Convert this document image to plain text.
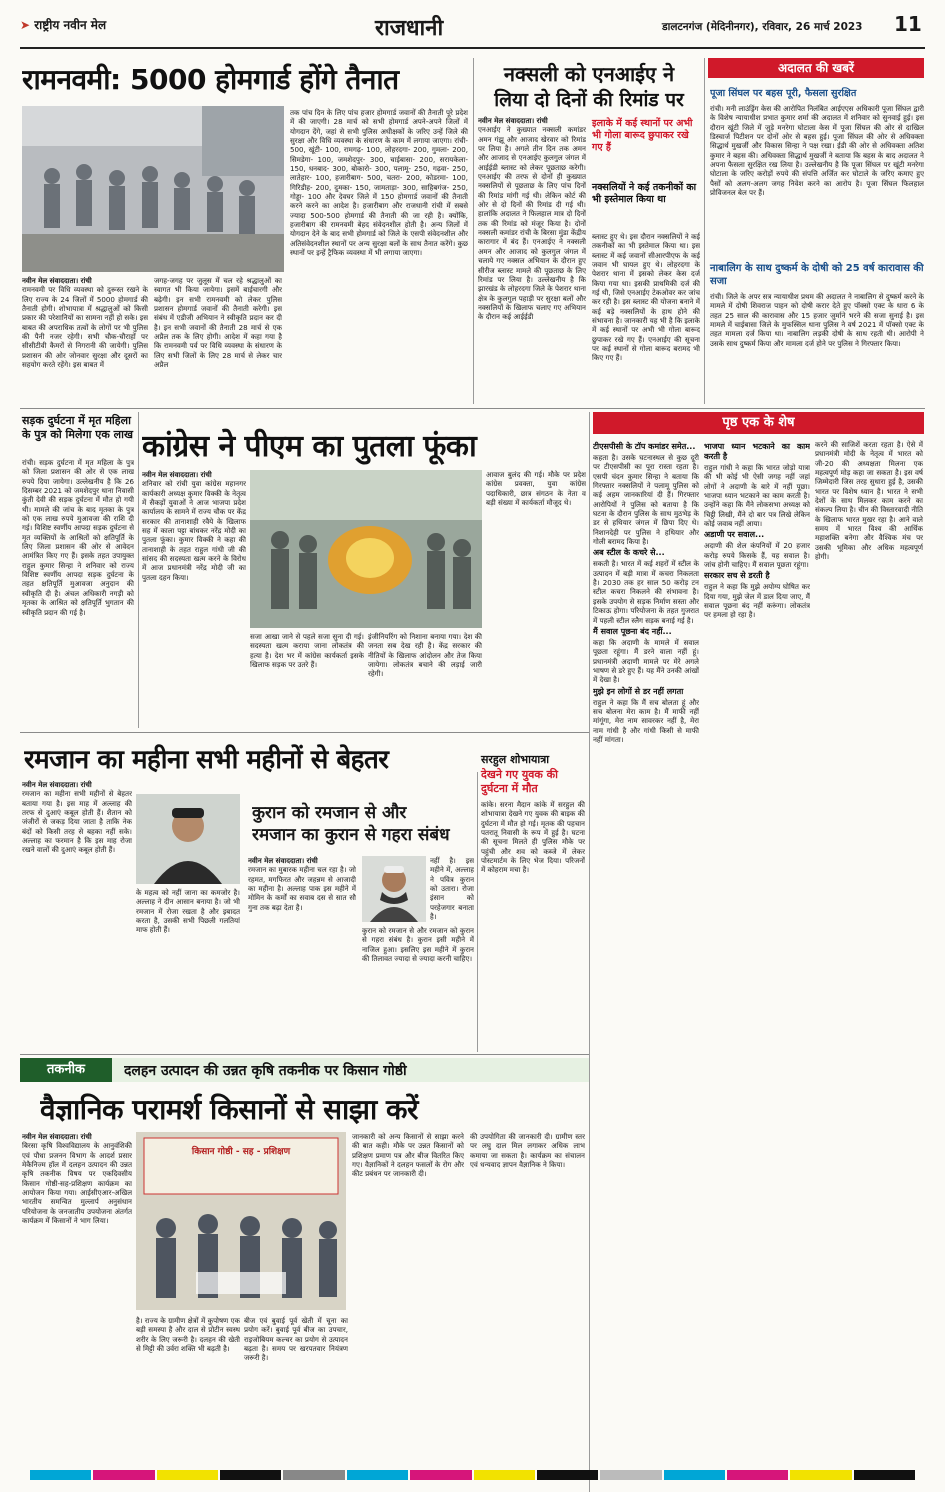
➤ राष्ट्रीय नवीन मेल	राजधानी	डालटनगंज (मेदिनीनगर), रविवार, 26 मार्च 2023 11
रामनवमी: 5000 होमगार्ड होंगे तैनात
नवीन मेल संवाददाता। रांची
रामनवमी पर विधि व्यवस्था को दुरूस्त रखने के लिए राज्य के 24 जिलों में 5000 होमगार्ड की तैनाती होगी। शोभायात्रा में श्रद्धालुओं को किसी प्रकार की परेशानियों का सामना नहीं हो सके। इस बाबत की अपराधिक तत्वों के लोगों पर भी पुलिस की पैनी नजर रहेगी। सभी चौक-चौराहों पर सीसीटीवी कैमरों से निगरानी की जायेगी। पुलिस प्रशासन की ओर जोनवार सुरक्षा और दूसरों का सहयोग करते रहेंगे। इस बाबत में
जगह-जगह पर जुलूस में चल रहे श्रद्धालुओं का स्वागत भी किया जायेगा। इसमें बाईचारगी और बढ़ेगी। इन सभी रामनवमी को लेकर पुलिस प्रशासन होमगार्ड जवानों की तैनाती करेगी। इस संबंध में एडीजी अभियान ने स्वीकृति प्रदान कर दी है। इन सभी जवानों की तैनाती 28 मार्च से एक अप्रैल तक के लिए होगी। आदेश में कहा गया है कि रामनवमी पर्व पर विधि व्यवस्था के संधारण के लिए सभी जिलों के लिए 28 मार्च से लेकर चार अप्रैल
तक पांच दिन के लिए पांच हजार होमगार्ड जवानों की तैनाती पूरे प्रदेश में की जाएगी। 28 मार्च को सभी होमगार्ड अपने-अपने जिलों में योगदान देंगे, जहां से सभी पुलिस अधीक्षकों के जरिए उन्हें जिले की सुरक्षा और विधि व्यवस्था के संधारण के काम में लगाया जाएगा। रांची- 500, खूंटी- 100, रामगढ़- 100, लोहरदगा- 200, गुमला- 200, सिमडेगा- 100, जमशेदपुर- 300, चाईबासा- 200, सरायकेला- 150, धनबाद- 300, बोकारो- 300, पलामू- 250, गढ़वा- 250, लातेहार- 100, हजारीबाग- 500, चतरा- 200, कोडरमा- 100, गिरिडीह- 200, दुमका- 150, जामताड़ा- 300, साहिबगंज- 250, गोड्डा- 100 और देवघर जिले में 150 होमगार्ड जवानों की तैनाती करने करने का आदेश है। हजारीबाग और राजधानी रांची में सबसे ज्यादा 500-500 होमगार्ड की तैनाती की जा रही है। क्योंकि, हजारीबाग की रामनवमी बेहद संवेदनशील होती है। अन्य जिलों में योगदान देने के बाद सभी होमगार्ड को जिले के एसपी संवेदनशील और अतिसंवेदनशील स्थानों पर अन्य सुरक्षा बलों के साथ तैनात करेंगे। कुछ स्थानों पर इन्हें ट्रैफिक व्यवस्था में भी लगाया जाएगा।
नक्सली को एनआईए ने
लिया दो दिनों की रिमांड पर
नवीन मेल संवाददाता। रांची
एनआईए ने कुख्यात नक्सली कमांडर अमन गंझू और आजाद खेरवार को रिमांड पर लिया है। अगले तीन दिन तक अमन और आजाद से एनआईए कुलगुल जंगल में आईईडी ब्लास्ट को लेकर पूछताछ करेगी। एनआईए की तरफ से दोनों ही कुख्यात नक्सलियों से पूछताछ के लिए पांच दिनों की रिमांड मांगी गई थी। लेकिन कोर्ट की ओर से दो दिनों की रिमांड दी गई थी। हालांकि अदालत ने फिलहाल मात्र दो दिनों तक की रिमांड को मंजूर किया है। दोनों नक्सली कमांडर रांची के बिरसा मुंडा केंद्रीय कारागार में बंद हैं। एनआईए ने नक्सली अमन और आजाद को कुलगुल जंगल में चलाये गए नक्सल अभियान के दौरान हुए सीरीज ब्लास्ट मामले की पूछताछ के लिए रिमांड पर लिया है। उल्लेखनीय है कि झारखंड के लोहरदगा जिले के पेशरार थाना क्षेत्र के कुलगुल पहाड़ी पर सुरक्षा बलों और नक्सलियों के खिलाफ चलाए गए अभियान के दौरान कई आईईडी
इलाके में कई स्थानों पर अभी भी गोला बारूद छुपाकर रखे गए हैं
नक्सलियों ने कई तकनीकों का भी इस्तेमाल किया था
ब्लास्ट हुए थे। इस दौरान नक्सलियों ने कई तकनीकों का भी इस्तेमाल किया था। इस ब्लास्ट में कई जवानों सीआरपीएफ के कई जवान भी घायल हुए थे। लोहरदगा के पेशरार थाना में इसको लेकर केस दर्ज किया गया था। इसकी प्राथमिकी दर्ज की गई थी, जिसे एनआईए टेकओवर कर जांच कर रही है। इस ब्लास्ट की योजना बनाने में कई बड़े नक्सलियों के हाथ होने की संभावना है। जानकारी यह भी है कि इलाके में कई स्थानों पर अभी भी गोला बारूद छुपाकर रखे गए हैं। एनआईए की सूचना पर कई स्थानों से गोला बारूद बरामद भी किए गए हैं।
अदालत की खबरें
पूजा सिंघल पर बहस पूरी, फैसला सुरक्षित
रांची। मनी लाउंड्रिंग केस की आरोपित निलंबित आईएएस अधिकारी पूजा सिंघल द्वारी के विशेष न्यायाधीश प्रभात कुमार शर्मा की अदालत में शनिवार को सुनवाई हुई। इस दौरान खूंटी जिले में जुड़े मनरेगा घोटाला केस में पूजा सिंघल की ओर से दाखिल डिस्चार्ज पिटीशन पर दोनों ओर से बहस हुई। पूजा सिंघल की ओर से अधिवक्ता सिद्धार्थ मुखर्जी और विकास सिन्हा ने पक्ष रखा। ईडी की ओर से अधिवक्ता अतिश कुमार ने बहस की। अधिवक्ता सिद्धार्थ मुखर्जी ने बताया कि बहस के बाद अदालत ने अपना फैसला सुरक्षित रख लिया है। उल्लेखनीय है कि पूजा सिंघल पर खूंटी मनरेगा घोटाला के जरिए करोड़ों रुपये की संपत्ति अर्जित कर घोटाले के जरिए कमाए हुए पैसों को अलग-अलग जगह निवेश करने का आरोप है। पूजा सिंघल फिलहाल प्रोविजनल बेल पर हैं।
नाबालिग के साथ दुष्कर्म के दोषी को 25 वर्ष कारावास की सजा
रांची। जिले के अपर सत्र न्यायाधीश प्रथम की अदालत ने नाबालिग से दुष्कर्म करने के मामले में दोषी शिवराज पाहन को दोषी करार देते हुए पॉक्सो एक्ट के धारा 6 के तहत 25 साल की कारावास और 15 हजार जुर्माने भरने की सजा सुनाई है। इस मामले में चाईबासा जिले के मुफस्सिल थाना पुलिस ने वर्ष 2021 में पॉक्सो एक्ट के तहत मामला दर्ज किया था। नाबालिग लड़की दोषी के साथ रहती थी। आरोपी ने उसके साथ दुष्कर्म किया और मामला दर्ज होने पर पुलिस ने गिरफ्तार किया।
सड़क दुर्घटना में मृत महिला के पुत्र को मिलेगा एक लाख
रांची। सड़क दुर्घटना में मृत महिला के पुत्र को जिला प्रशासन की ओर से एक लाख रुपये दिया जायेगा। उल्लेखनीय है कि 26 दिसम्बर 2021 को जमशेदपुर थाना निवासी कुंती देवी की सड़क दुर्घटना में मौत हो गयी थी। मामले की जांच के बाद मृतका के पुत्र को एक लाख रुपये मुआवजा की राशि दी गई। विशिष्ट स्वर्णीय आपदा सड़क दुर्घटना से मृत व्यक्तियों के आश्रितों को क्षतिपूर्ति के लिए जिला प्रशासन की ओर से आवेदन आमंत्रित किए गए हैं। इसके तहत उपायुक्त राहुल कुमार सिन्हा ने शनिवार को राज्य विशिष्ट स्वर्णीय आपदा सड़क दुर्घटना के तहत क्षतिपूर्ति मुआवजा अनुदान की स्वीकृति दी है। अंचल अधिकारी नगड़ी को मृतका के आश्रित को क्षतिपूर्ति भुगतान की स्वीकृति प्रदान की गई है।
कांग्रेस ने पीएम का पुतला फूंका
नवीन मेल संवाददाता। रांची
शनिवार को रांची युवा कांग्रेस महानगर कार्यकारी अध्यक्ष कुमार विक्की के नेतृत्व में सैकड़ों युवाओं ने आज भाजपा प्रदेश कार्यालय के सामने में राज्य चौक पर केंद्र सरकार की तानाशाही रवैये के खिलाफ सह में काला पट्टा बांधकर नरेंद्र मोदी का पुतला फूंका। कुमार विक्की ने कहा की तानाशाही के तहत राहुल गांधी जी की सांसद की सदस्यता खत्म करने के विरोध में आज प्रधानमंत्री नरेंद्र मोदी जी का पुतला दहन किया।
सजा आखा जाने से पहले सजा सुना दी गई। सदस्यता खत्म कराया जाना लोकतंत्र की हत्या है। देश भर में कांग्रेस कार्यकर्ता इसके खिलाफ सड़क पर उतरे हैं।
इंजीनियरिंग को निशाना बनाया गया। देश की जनता सब देख रही है। केंद्र सरकार की नीतियों के खिलाफ आंदोलन और तेज किया जायेगा। लोकतंत्र बचाने की लड़ाई जारी रहेगी।
आवाज बुलंद की गई। मौके पर प्रदेश कांग्रेस प्रवक्ता, युवा कांग्रेस पदाधिकारी, छात्र संगठन के नेता व बड़ी संख्या में कार्यकर्ता मौजूद थे।
पृष्ठ एक के शेष
टीएसपीसी के टॉप कमांडर समेत...
कहता है। उसके घटनास्थल से कुछ दूरी पर टीएसपीसी का पूरा रास्ता रहता है। एसपी चंदन कुमार सिन्हा ने बताया कि गिरफ्तार नक्सलियों ने पलामू पुलिस को कई अहम जानकारियां दी हैं। गिरफ्तार आरोपियों ने पुलिस को बताया है कि घटना के दौरान पुलिस के साथ मुठभेड़ के डर से हथियार जंगल में छिपा दिए थे। निशानदेही पर पुलिस ने हथियार और गोली बरामद किया है।
अब स्टील के कचरे से...
सकती है। भारत में कई शहरों में स्टील के उत्पादन में बड़ी मात्रा में कचरा निकलता है। 2030 तक हर साल 50 करोड़ टन स्टील कचरा निकलने की संभावना है। इसके उपयोग से सड़क निर्माण सस्ता और टिकाऊ होगा। परियोजना के तहत गुजरात में पहली स्टील स्लैग सड़क बनाई गई है।
मैं सवाल पूछना बंद नहीं...
कहा कि अदाणी के मामले में सवाल पूछता रहूंगा। मैं डरने वाला नहीं हूं। प्रधानमंत्री अदाणी मामले पर मेरे अगले भाषण से डरे हुए हैं। यह मैंने उनकी आंखों में देखा है।
मुझे इन लोगों से डर नहीं लगता
राहुल ने कहा कि मैं सच बोलता हूं और सच बोलना मेरा काम है। मैं माफी नहीं मांगूंगा, मेरा नाम सावरकर नहीं है, मेरा नाम गांधी है और गांधी किसी से माफी नहीं मांगता।
भाजपा ध्यान भटकाने का काम करती है
राहुल गांधी ने कहा कि भारत जोड़ो यात्रा की भी कोई भी ऐसी जगह नहीं जहां लोगों ने अदाणी के बारे में नहीं पूछा। भाजपा ध्यान भटकाने का काम करती है। उन्होंने कहा कि मैंने लोकसभा अध्यक्ष को चिट्ठी लिखी, मैंने दो बार पत्र लिखे लेकिन कोई जवाब नहीं आया।
अडाणी पर सवाल...
अदाणी की शेल कंपनियों में 20 हजार करोड़ रुपये किसके हैं, यह सवाल है। जांच होनी चाहिए। मैं सवाल पूछता रहूंगा।
सरकार सच से डरती है
राहुल ने कहा कि मुझे अयोग्य घोषित कर दिया गया, मुझे जेल में डाल दिया जाए, मैं सवाल पूछना बंद नहीं करूंगा। लोकतंत्र पर हमला हो रहा है।
करने की साजिशें करता रहता है। ऐसे में प्रधानमंत्री मोदी के नेतृत्व में भारत को जी-20 की अध्यक्षता मिलना एक महत्वपूर्ण मोड़ कहा जा सकता है। इस वर्ष जिम्मेदारी जिस तरह सुधारा हुई है, उसकी भारत पर विशेष ध्यान है। भारत ने सभी देशों के साथ मिलकर काम करने का संकल्प लिया है। चीन की विस्तारवादी नीति के खिलाफ भारत मुखर रहा है। आने वाले समय में भारत विश्व की आर्थिक महाशक्ति बनेगा और वैश्विक मंच पर उसकी भूमिका और अधिक महत्वपूर्ण होगी।
रमजान का महीना सभी महीनों से बेहतर
नवीन मेल संवाददाता। रांची
रमजान का महीना सभी महीनों से बेहतर बताया गया है। इस माह में अल्लाह की तरफ से दुआएं कबूल होती हैं। शैतान को जंजीरों से जकड़ दिया जाता है ताकि नेक बंदों को किसी तरह से बहका नहीं सके। अल्लाह का फरमान है कि इस माह रोजा रखने वालों की दुआएं कबूल होती हैं।
के महत्व को नहीं जाना का कमजोर है। अल्लाह ने दीन आसान बनाया है। जो भी रमजान में रोजा रखता है और इबादत करता है, उसकी सभी पिछली गलतियां माफ होती हैं।
कुरान को रमजान से और
रमजान का कुरान से गहरा संबंध
नवीन मेल संवाददाता। रांची
रमजान का मुबारक महीना चल रहा है। जो रहमत, मगफिरत और जहन्नम से आजादी का महीना है। अल्लाह पाक इस महीने में मोमिन के कर्मों का सवाब दस से सात सौ गुना तक बढ़ा देता है।
कुरान को रमजान से और रमजान को कुरान से गहरा संबंध है। कुरान इसी महीने में नाजिल हुआ। इसलिए इस महीने में कुरान की तिलावत ज्यादा से ज्यादा करनी चाहिए।
नहीं है। इस महीने में, अल्लाह ने पवित्र कुरान को उतारा। रोजा इंसान को परहेजगार बनाता है।
सरहुल शोभायात्रा
देखने गए युवक की दुर्घटना में मौत
कांके। सरना मैदान कांके में सरहुल की शोभायात्रा देखने गए युवक की बाइक की दुर्घटना में मौत हो गई। मृतक की पहचान पतरातू निवासी के रूप में हुई है। घटना की सूचना मिलते ही पुलिस मौके पर पहुंची और शव को कब्जे में लेकर पोस्टमार्टम के लिए भेज दिया। परिजनों में कोहराम मचा है।
तकनीक	दलहन उत्पादन की उन्नत कृषि तकनीक पर किसान गोष्ठी
वैज्ञानिक परामर्श किसानों से साझा करें
नवीन मेल संवाददाता। रांची
बिरसा कृषि विश्वविद्यालय के आनुवंशिकी एवं पौधा प्रजनन विभाग के आदर्श प्रसार मेकैनिज्म हॉल में दलहन उत्पादन की उन्नत कृषि तकनीक विषय पर एकदिवसीय किसान गोष्ठी-सह-प्रशिक्षण कार्यक्रम का आयोजन किया गया। आईसीएआर-अखिल भारतीय समन्वित मुल्लार्प अनुसंधान परियोजना के जनजातीय उपयोजना अंतर्गत कार्यक्रम में किसानों ने भाग लिया।
किसान गोष्ठी - सह - प्रशिक्षण
है। राज्य के ग्रामीण क्षेत्रों में कुपोषण एक बड़ी समस्या है और दाल से प्रोटीन स्वस्थ शरीर के लिए जरूरी है। दलहन की खेती से मिट्टी की उर्वरा शक्ति भी बढ़ती है।
बीज एवं बुवाई पूर्व खेती में चूना का प्रयोग करें। बुवाई पूर्व बीज का उपचार, राइजोबियम कल्चर का प्रयोग से उत्पादन बढ़ता है। समय पर खरपतवार नियंत्रण जरूरी है।
जानकारी को अन्य किसानों से साझा करने की बात कही। मौके पर उन्नत किसानों को प्रशिक्षण प्रमाण पत्र और बीज वितरित किए गए। वैज्ञानिकों ने दलहन फसलों के रोग और कीट प्रबंधन पर जानकारी दी।
की उपयोगिता की जानकारी दी। ग्रामीण स्तर पर लघु दाल मिल लगाकर अधिक लाभ कमाया जा सकता है। कार्यक्रम का संचालन एवं धन्यवाद ज्ञापन वैज्ञानिक ने किया।
